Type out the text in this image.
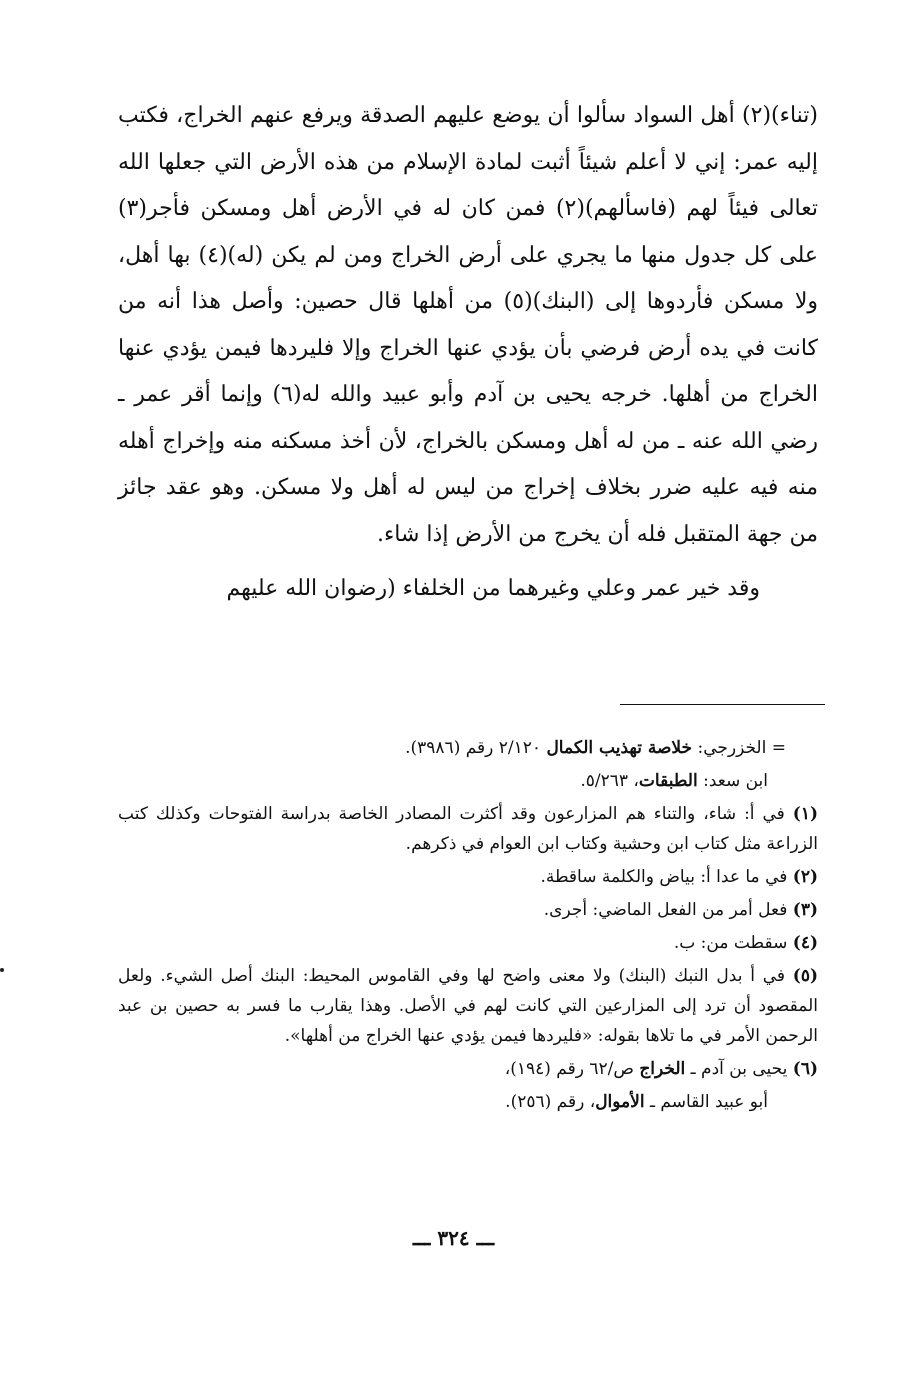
(تناء)(٢) أهل السواد سألوا أن يوضع عليهم الصدقة ويرفع عنهم الخراج، فكتب إليه عمر: إني لا أعلم شيئاً أثبت لمادة الإسلام من هذه الأرض التي جعلها الله تعالى فيئاً لهم (فاسألهم)(٢) فمن كان له في الأرض أهل ومسكن فأجر(٣) على كل جدول منها ما يجري على أرض الخراج ومن لم يكن (له)(٤) بها أهل، ولا مسكن فأردوها إلى (البنك)(٥) من أهلها قال حصين: وأصل هذا أنه من كانت في يده أرض فرضي بأن يؤدي عنها الخراج وإلا فليردها فيمن يؤدي عنها الخراج من أهلها. خرجه يحيى بن آدم وأبو عبيد والله له(٦) وإنما أقر عمر ـ رضي الله عنه ـ من له أهل ومسكن بالخراج، لأن أخذ مسكنه منه وإخراج أهله منه فيه عليه ضرر بخلاف إخراج من ليس له أهل ولا مسكن. وهو عقد جائز من جهة المتقبل فله أن يخرج من الأرض إذا شاء.

وقد خير عمر وعلي وغيرهما من الخلفاء (رضوان الله عليهم

= الخزرجي: خلاصة تهذيب الكمال ٢/١٢٠ رقم (٣٩٨٦).

ابن سعد: الطبقات، ٥/٢٦٣.

(١) في أ: شاء، والتناء هم المزارعون وقد أكثرت المصادر الخاصة بدراسة الفتوحات وكذلك كتب الزراعة مثل كتاب ابن وحشية وكتاب ابن العوام في ذكرهم.

(٢) في ما عدا أ: بياض والكلمة ساقطة.

(٣) فعل أمر من الفعل الماضي: أجرى.

(٤) سقطت من: ب.

(٥) في أ بدل النبك (البنك) ولا معنى واضح لها وفي القاموس المحيط: البنك أصل الشيء. ولعل المقصود أن ترد إلى المزارعين التي كانت لهم في الأصل. وهذا يقارب ما فسر به حصين بن عبد الرحمن الأمر في ما تلاها بقوله: «فليردها فيمن يؤدي عنها الخراج من أهلها».

(٦) يحيى بن آدم ـ الخراج ص/٦٢ رقم (١٩٤)،

أبو عبيد القاسم ـ الأموال، رقم (٢٥٦).

ـــ ٣٢٤ ـــ
